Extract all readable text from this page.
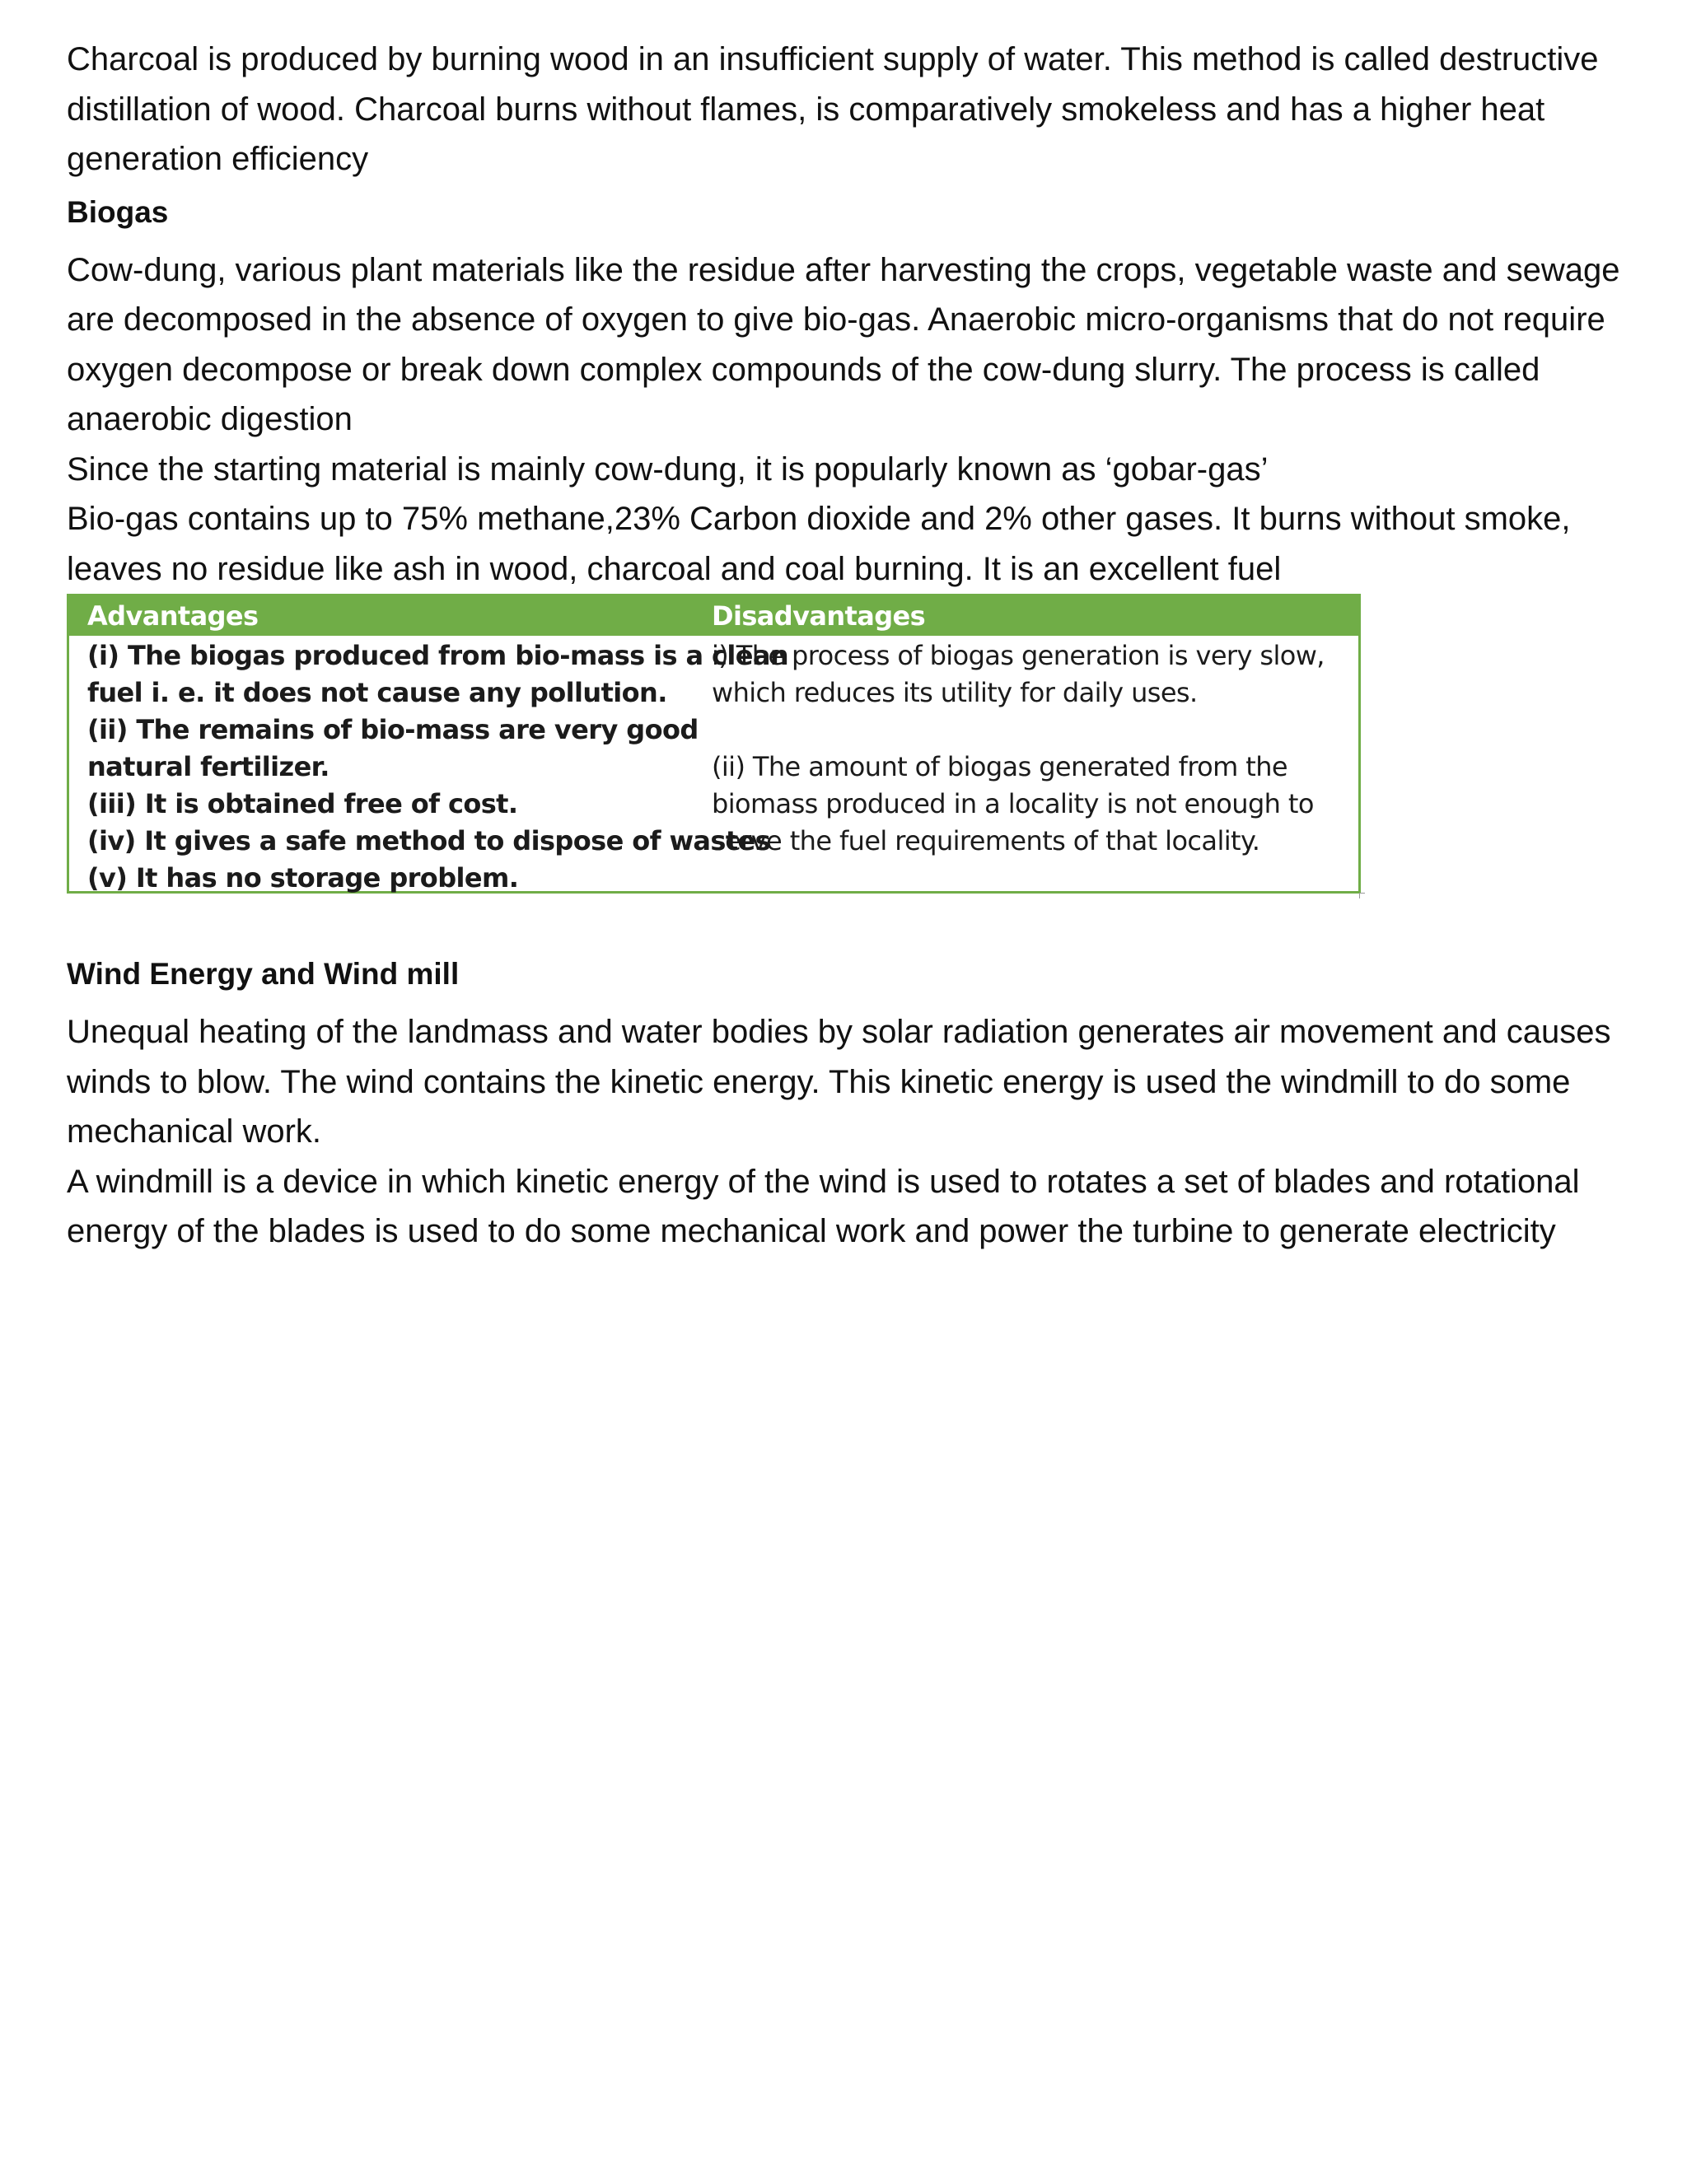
Charcoal is produced by burning wood in an insufficient supply of water. This method is called destructive distillation of wood. Charcoal burns without flames, is comparatively smokeless and has a higher heat generation efficiency

Biogas

Cow-dung, various plant materials like the residue after harvesting the crops, vegetable waste and sewage are decomposed in the absence of oxygen to give bio-gas. Anaerobic micro-organisms that do not require oxygen decompose or break down complex compounds of the cow-dung slurry. The process is called anaerobic digestion

Since the starting material is mainly cow-dung, it is popularly known as ‘gobar-gas’

Bio-gas contains up to 75% methane,23% Carbon dioxide and 2% other gases. It burns without smoke, leaves no residue like ash in wood, charcoal and coal burning. It is an excellent fuel

Advantages	Disadvantages
(i) The biogas produced from bio-mass is a clean
fuel i. e. it does not cause any pollution.
(ii) The remains of bio-mass are very good
natural fertilizer.
(iii) It is obtained free of cost.
(iv) It gives a safe method to dispose of wastes
(v) It has no storage problem.
i) The process of biogas generation is very slow,
which reduces its utility for daily uses.
(ii) The amount of biogas generated from the
biomass produced in a locality is not enough to
serve the fuel requirements of that locality.

Wind Energy and Wind mill

Unequal heating of the landmass and water bodies by solar radiation generates air movement and causes winds to blow. The wind contains the kinetic energy. This kinetic energy is used the windmill to do some mechanical work.

A windmill is a device in which kinetic energy of the wind is used to rotates a set of blades and rotational energy of the blades is used to do some mechanical work and power the turbine to generate electricity
